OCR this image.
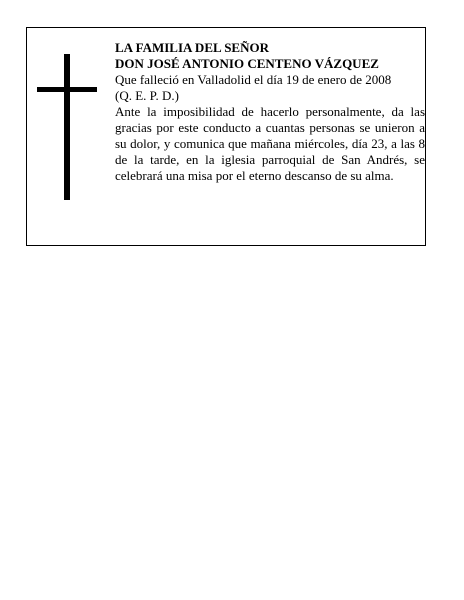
LA FAMILIA DEL SEÑOR

DON JOSÉ ANTONIO CENTENO VÁZQUEZ

Que falleció en Valladolid el día 19 de enero de 2008

(Q. E. P. D.)

Ante la imposibilidad de hacerlo personalmente, da las gracias por este conducto a cuantas personas se unieron a su dolor, y comunica que mañana miércoles, día 23, a las 8 de la tarde, en la iglesia parroquial de San Andrés, se celebrará una misa por el eterno descanso de su alma.
